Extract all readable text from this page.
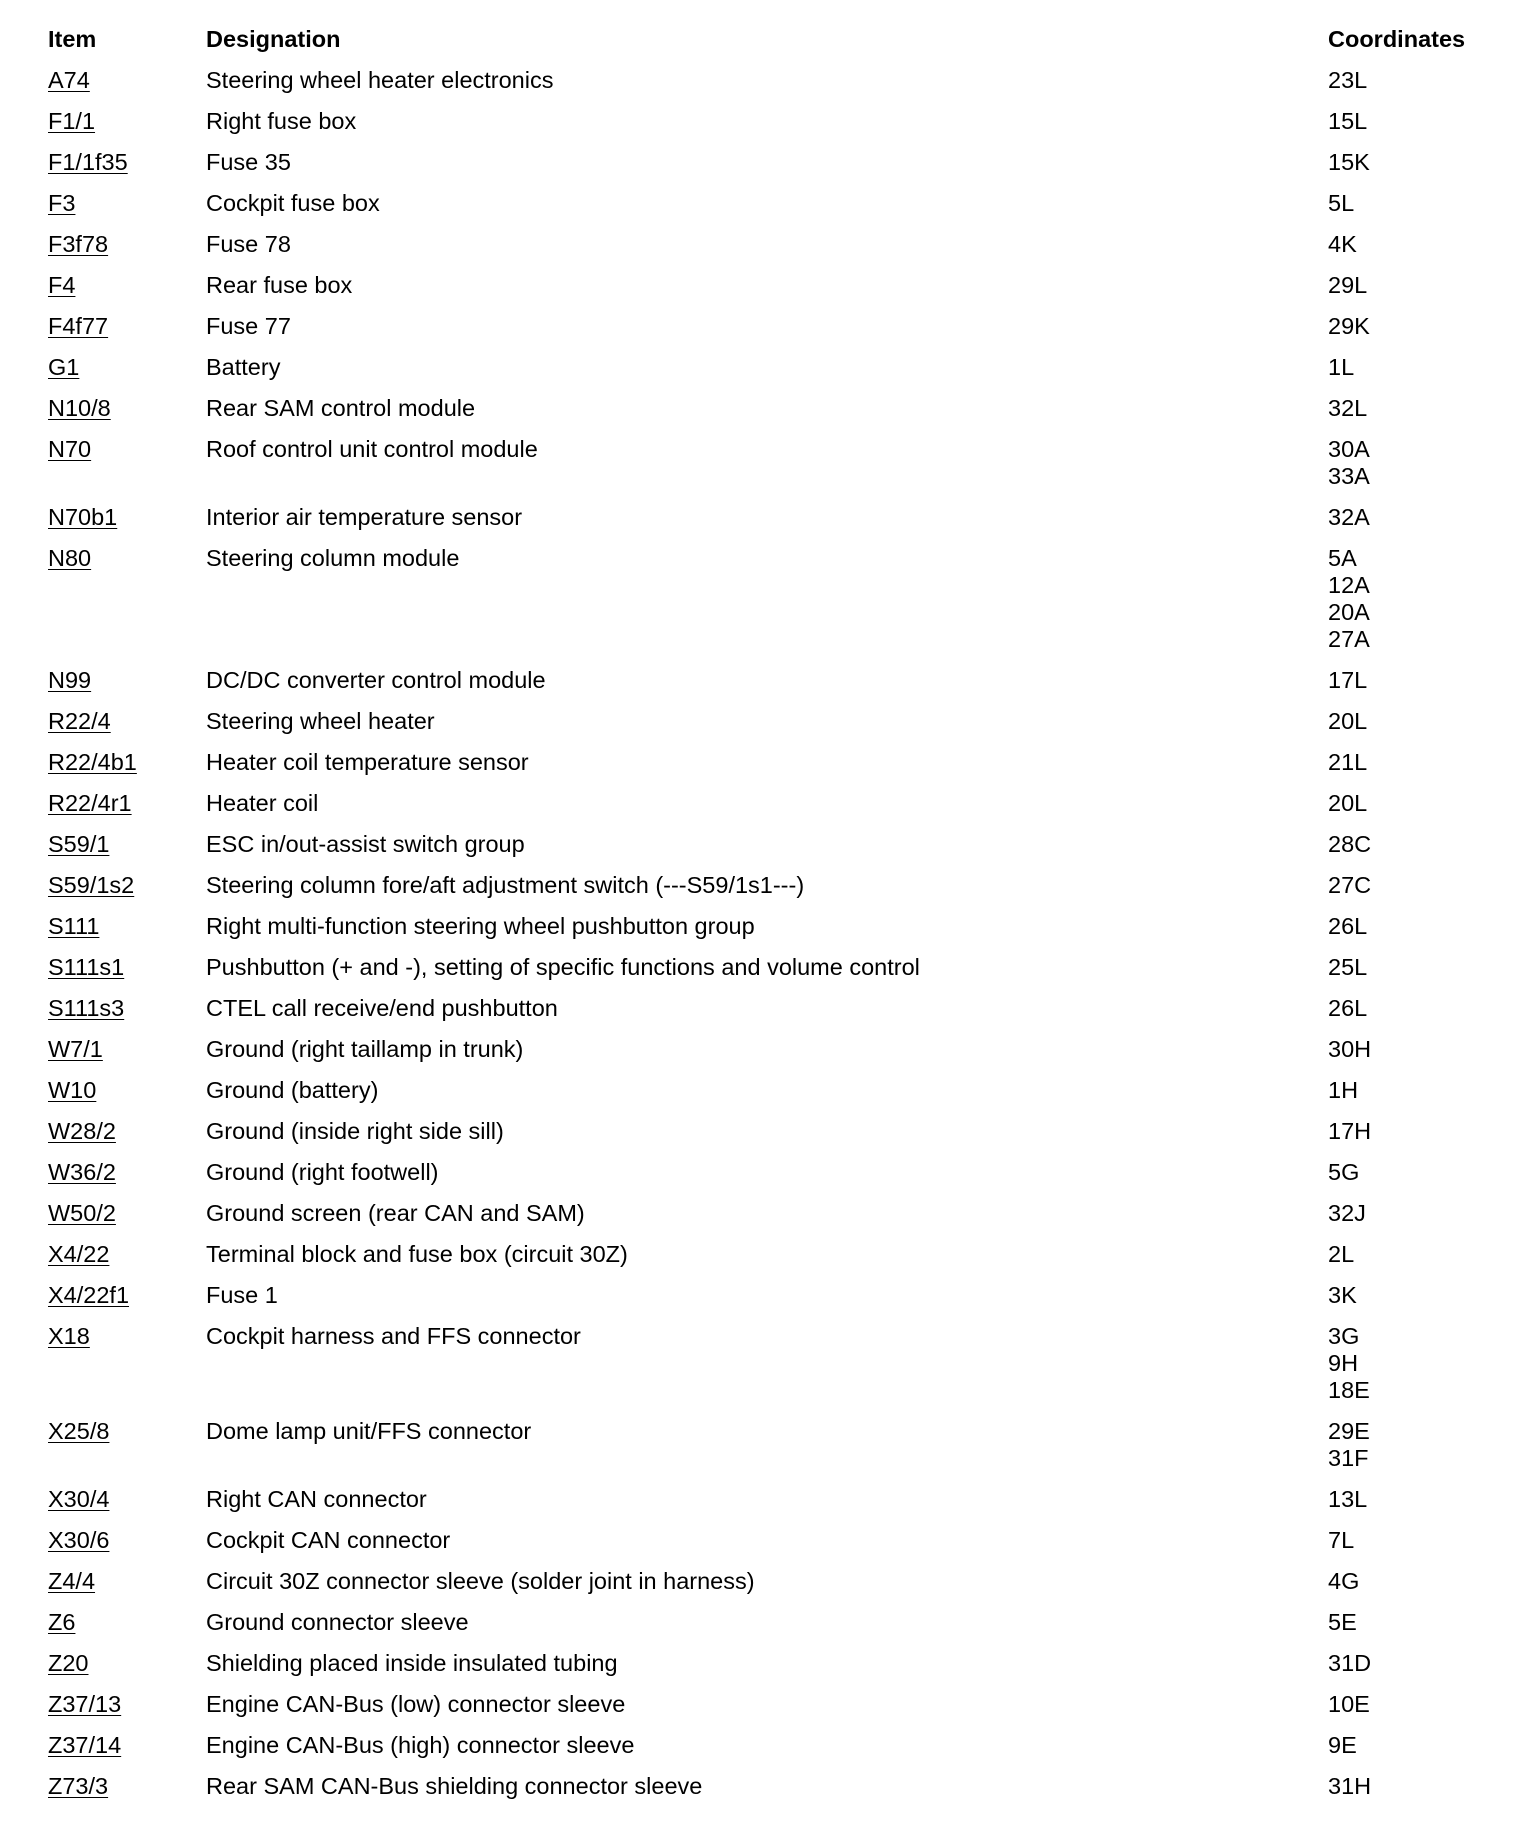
Item	Designation	Coordinates
A74	Steering wheel heater electronics	23L
F1/1	Right fuse box	15L
F1/1f35	Fuse 35	15K
F3	Cockpit fuse box	5L
F3f78	Fuse 78	4K
F4	Rear fuse box	29L
F4f77	Fuse 77	29K
G1	Battery	1L
N10/8	Rear SAM control module	32L
N70	Roof control unit control module	30A
33A
N70b1	Interior air temperature sensor	32A
N80	Steering column module	5A
12A
20A
27A
N99	DC/DC converter control module	17L
R22/4	Steering wheel heater	20L
R22/4b1	Heater coil temperature sensor	21L
R22/4r1	Heater coil	20L
S59/1	ESC in/out-assist switch group	28C
S59/1s2	Steering column fore/aft adjustment switch (---S59/1s1---)	27C
S111	Right multi-function steering wheel pushbutton group	26L
S111s1	Pushbutton (+ and -), setting of specific functions and volume control	25L
S111s3	CTEL call receive/end pushbutton	26L
W7/1	Ground (right taillamp in trunk)	30H
W10	Ground (battery)	1H
W28/2	Ground (inside right side sill)	17H
W36/2	Ground (right footwell)	5G
W50/2	Ground screen (rear CAN and SAM)	32J
X4/22	Terminal block and fuse box (circuit 30Z)	2L
X4/22f1	Fuse 1	3K
X18	Cockpit harness and FFS connector	3G
9H
18E
X25/8	Dome lamp unit/FFS connector	29E
31F
X30/4	Right CAN connector	13L
X30/6	Cockpit CAN connector	7L
Z4/4	Circuit 30Z connector sleeve (solder joint in harness)	4G
Z6	Ground connector sleeve	5E
Z20	Shielding placed inside insulated tubing	31D
Z37/13	Engine CAN-Bus (low) connector sleeve	10E
Z37/14	Engine CAN-Bus (high) connector sleeve	9E
Z73/3	Rear SAM CAN-Bus shielding connector sleeve	31H
